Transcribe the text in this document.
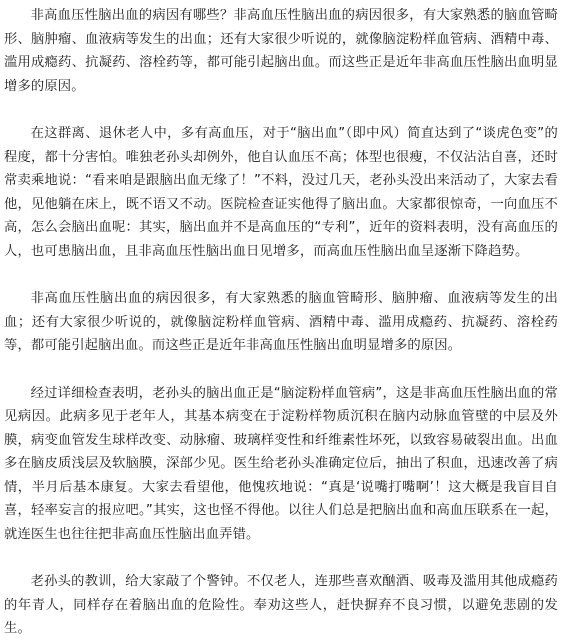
非高血压性脑出血的病因有哪些？非高血压性脑出血的病因很多，有大家熟悉的脑血管畸形、脑肿瘤、血液病等发生的出血；还有大家很少听说的，就像脑淀粉样血管病、酒精中毒、滥用成瘾药、抗凝药、溶栓药等，都可能引起脑出血。而这些正是近年非高血压性脑出血明显增多的原因。

在这群离、退休老人中，多有高血压，对于“脑出血”（即中风）简直达到了“谈虎色变”的程度，都十分害怕。唯独老孙头却例外，他自认血压不高；体型也很瘦，不仅沾沾自喜，还时常卖乘地说：“看来咱是跟脑出血无缘了！”不料，没过几天，老孙头没出来活动了，大家去看他，见他躺在床上，既不语又不动。医院检查证实他得了脑出血。大家都很惊奇，一向血压不高，怎么会脑出血呢：其实，脑出血并不是高血压的“专利”，近年的资料表明，没有高血压的人，也可患脑出血，且非高血压性脑出血日见增多，而高血压性脑出血呈逐渐下降趋势。

非高血压性脑出血的病因很多，有大家熟悉的脑血管畸形、脑肿瘤、血液病等发生的出血；还有大家很少听说的，就像脑淀粉样血管病、酒精中毒、滥用成瘾药、抗凝药、溶栓药等，都可能引起脑出血。而这些正是近年非高血压性脑出血明显增多的原因。

经过详细检查表明，老孙头的脑出血正是“脑淀粉样血管病”，这是非高血压性脑出血的常见病因。此病多见于老年人，其基本病变在于淀粉样物质沉积在脑内动脉血管壁的中层及外膜，病变血管发生球样改变、动脉瘤、玻璃样变性和纤维素性坏死，以致容易破裂出血。出血多在脑皮质浅层及软脑膜，深部少见。医生给老孙头准确定位后，抽出了积血，迅速改善了病情，半月后基本康复。大家去看望他，他愧疚地说：“真是‘说嘴打嘴啊’！这大概是我盲目自喜，轻率妄言的报应吧。”其实，这也怪不得他。以往人们总是把脑出血和高血压联系在一起，就连医生也往往把非高血压性脑出血弄错。

老孙头的教训，给大家敲了个警钟。不仅老人，连那些喜欢酗酒、吸毒及滥用其他成瘾药的年青人，同样存在着脑出血的危险性。奉劝这些人，赶快摒弃不良习惯，以避免悲剧的发生。
